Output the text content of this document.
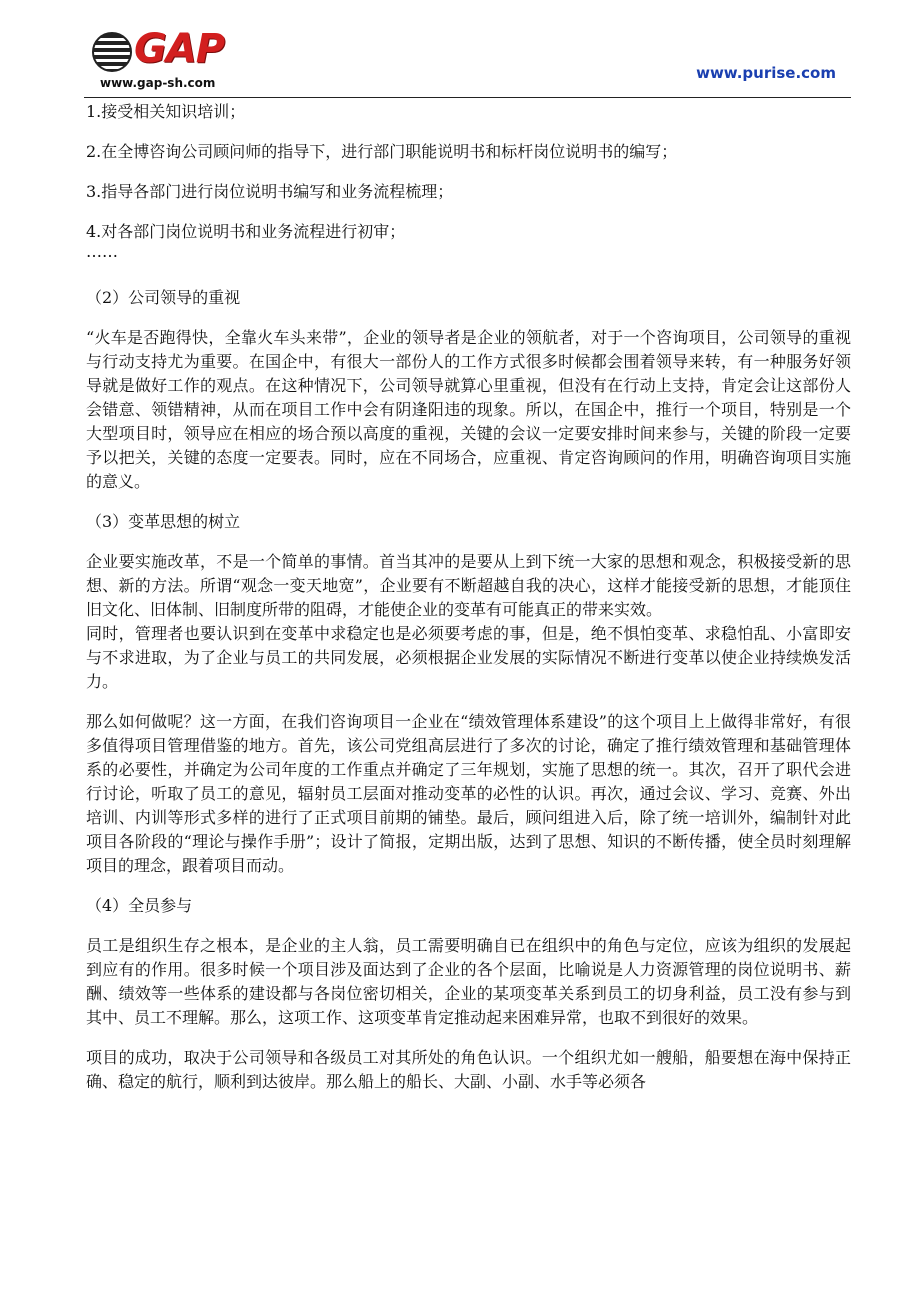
GAP
www.gap-sh.com
www.purise.com
1.接受相关知识培训；
2.在全博咨询公司顾问师的指导下，进行部门职能说明书和标杆岗位说明书的编写；
3.指导各部门进行岗位说明书编写和业务流程梳理；
4.对各部门岗位说明书和业务流程进行初审；
……
（2）公司领导的重视
“火车是否跑得快，全靠火车头来带”，企业的领导者是企业的领航者，对于一个咨询项目，公司领导的重视与行动支持尤为重要。在国企中，有很大一部份人的工作方式很多时候都会围着领导来转，有一种服务好领导就是做好工作的观点。在这种情况下，公司领导就算心里重视，但没有在行动上支持，肯定会让这部份人会错意、领错精神，从而在项目工作中会有阴逢阳违的现象。所以，在国企中，推行一个项目，特别是一个大型项目时，领导应在相应的场合预以高度的重视，关键的会议一定要安排时间来参与，关键的阶段一定要予以把关，关键的态度一定要表。同时，应在不同场合，应重视、肯定咨询顾问的作用，明确咨询项目实施的意义。
（3）变革思想的树立
企业要实施改革，不是一个简单的事情。首当其冲的是要从上到下统一大家的思想和观念，积极接受新的思想、新的方法。所谓“观念一变天地宽”，企业要有不断超越自我的决心，这样才能接受新的思想，才能顶住旧文化、旧体制、旧制度所带的阻碍，才能使企业的变革有可能真正的带来实效。
同时，管理者也要认识到在变革中求稳定也是必须要考虑的事，但是，绝不惧怕变革、求稳怕乱、小富即安与不求进取，为了企业与员工的共同发展，必须根据企业发展的实际情况不断进行变革以使企业持续焕发活力。
那么如何做呢？这一方面，在我们咨询项目一企业在“绩效管理体系建设”的这个项目上上做得非常好，有很多值得项目管理借鉴的地方。首先，该公司党组高层进行了多次的讨论，确定了推行绩效管理和基础管理体系的必要性，并确定为公司年度的工作重点并确定了三年规划，实施了思想的统一。其次，召开了职代会进行讨论，听取了员工的意见，辐射员工层面对推动变革的必性的认识。再次，通过会议、学习、竞赛、外出培训、内训等形式多样的进行了正式项目前期的铺垫。最后，顾问组进入后，除了统一培训外，编制针对此项目各阶段的“理论与操作手册”；设计了简报，定期出版，达到了思想、知识的不断传播，使全员时刻理解项目的理念，跟着项目而动。
（4）全员参与
员工是组织生存之根本，是企业的主人翁，员工需要明确自已在组织中的角色与定位，应该为组织的发展起到应有的作用。很多时候一个项目涉及面达到了企业的各个层面，比喻说是人力资源管理的岗位说明书、薪酬、绩效等一些体系的建设都与各岗位密切相关，企业的某项变革关系到员工的切身利益，员工没有参与到其中、员工不理解。那么，这项工作、这项变革肯定推动起来困难异常，也取不到很好的效果。
项目的成功，取决于公司领导和各级员工对其所处的角色认识。一个组织尤如一艘船，船要想在海中保持正确、稳定的航行，顺利到达彼岸。那么船上的船长、大副、小副、水手等必须各
